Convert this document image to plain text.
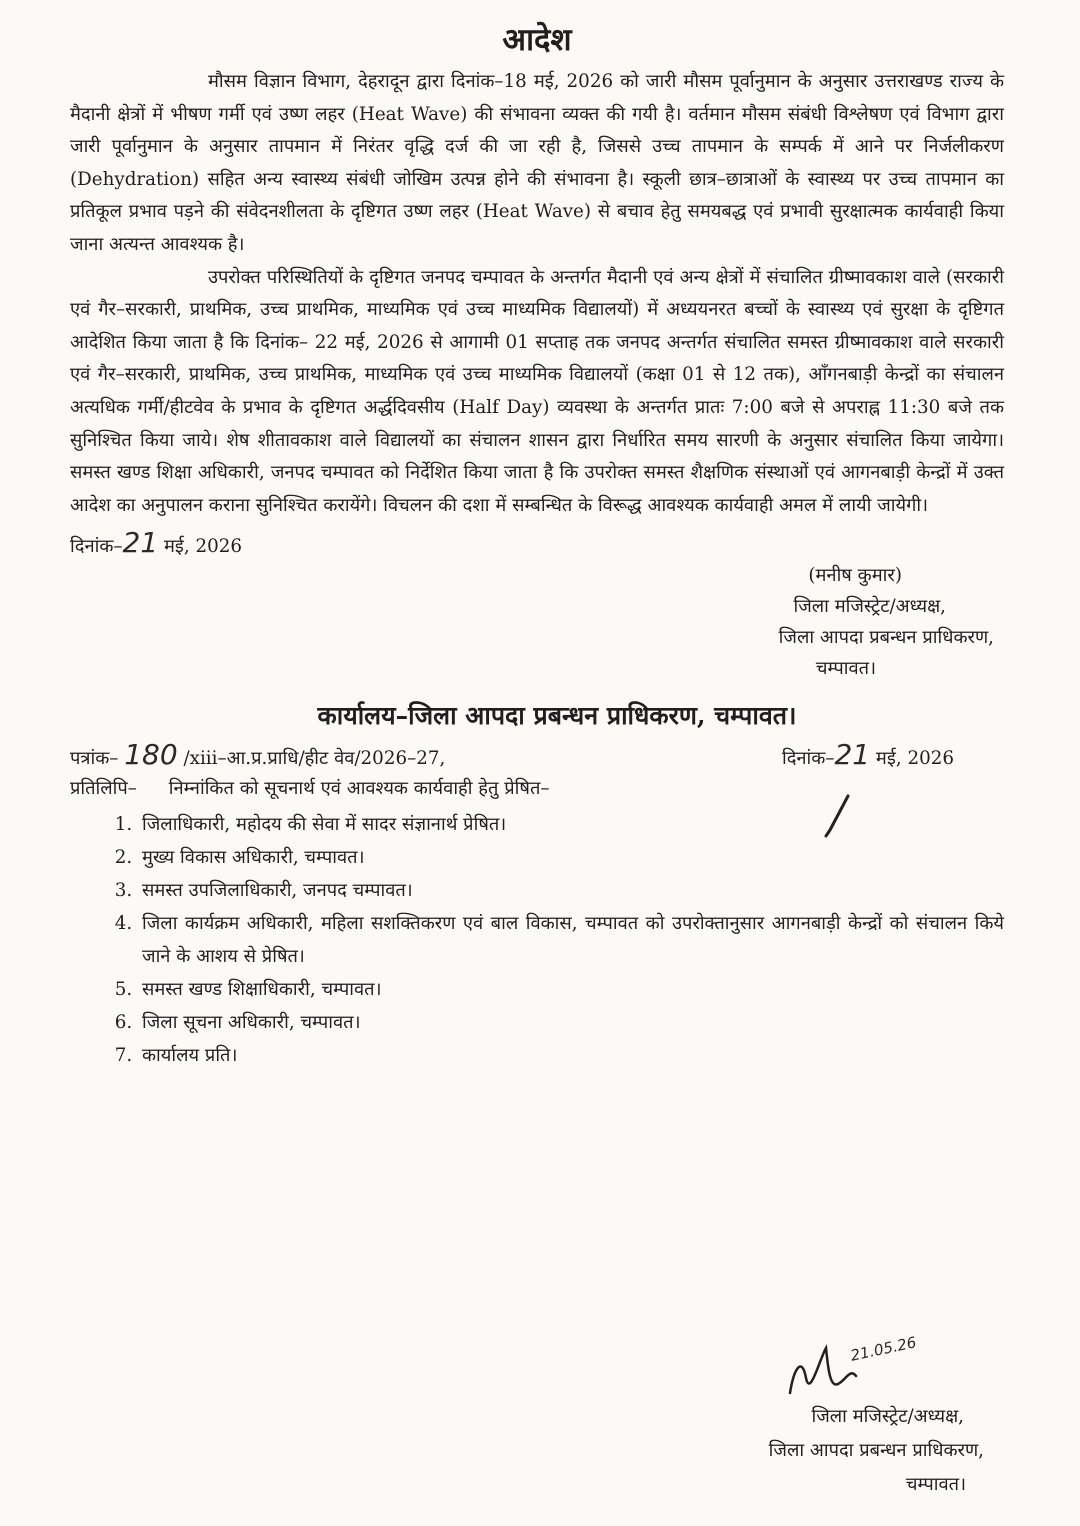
आदेश

मौसम विज्ञान विभाग, देहरादून द्वारा दिनांक–18 मई, 2026 को जारी मौसम पूर्वानुमान के अनुसार उत्तराखण्ड राज्य के मैदानी क्षेत्रों में भीषण गर्मी एवं उष्ण लहर (Heat Wave) की संभावना व्यक्त की गयी है। वर्तमान मौसम संबंधी विश्लेषण एवं विभाग द्वारा जारी पूर्वानुमान के अनुसार तापमान में निरंतर वृद्धि दर्ज की जा रही है, जिससे उच्च तापमान के सम्पर्क में आने पर निर्जलीकरण (Dehydration) सहित अन्य स्वास्थ्य संबंधी जोखिम उत्पन्न होने की संभावना है। स्कूली छात्र–छात्राओं के स्वास्थ्य पर उच्च तापमान का प्रतिकूल प्रभाव पड़ने की संवेदनशीलता के दृष्टिगत उष्ण लहर (Heat Wave) से बचाव हेतु समयबद्ध एवं प्रभावी सुरक्षात्मक कार्यवाही किया जाना अत्यन्त आवश्यक है।

उपरोक्त परिस्थितियों के दृष्टिगत जनपद चम्पावत के अन्तर्गत मैदानी एवं अन्य क्षेत्रों में संचालित ग्रीष्मावकाश वाले (सरकारी एवं गैर–सरकारी, प्राथमिक, उच्च प्राथमिक, माध्यमिक एवं उच्च माध्यमिक विद्यालयों) में अध्ययनरत बच्चों के स्वास्थ्य एवं सुरक्षा के दृष्टिगत आदेशित किया जाता है कि दिनांक– 22 मई, 2026 से आगामी 01 सप्ताह तक जनपद अन्तर्गत संचालित समस्त ग्रीष्मावकाश वाले सरकारी एवं गैर–सरकारी, प्राथमिक, उच्च प्राथमिक, माध्यमिक एवं उच्च माध्यमिक विद्यालयों (कक्षा 01 से 12 तक), आँगनबाड़ी केन्द्रों का संचालन अत्यधिक गर्मी/हीटवेव के प्रभाव के दृष्टिगत अर्द्धदिवसीय (Half Day) व्यवस्था के अन्तर्गत प्रातः 7:00 बजे से अपराह्न 11:30 बजे तक सुनिश्चित किया जाये। शेष शीतावकाश वाले विद्यालयों का संचालन शासन द्वारा निर्धारित समय सारणी के अनुसार संचालित किया जायेगा। समस्त खण्ड शिक्षा अधिकारी, जनपद चम्पावत को निर्देशित किया जाता है कि उपरोक्त समस्त शैक्षणिक संस्थाओं एवं आगनबाड़ी केन्द्रों में उक्त आदेश का अनुपालन कराना सुनिश्चित करायेंगे। विचलन की दशा में सम्बन्धित के विरूद्ध आवश्यक कार्यवाही अमल में लायी जायेगी।

दिनांक–21 मई, 2026
(मनीष कुमार)
जिला मजिस्ट्रेट/अध्यक्ष,
जिला आपदा प्रबन्धन प्राधिकरण,
चम्पावत।
कार्यालय–जिला आपदा प्रबन्धन प्राधिकरण, चम्पावत।
पत्रांक– 180 /xiii–आ.प्र.प्राधि/हीट वेव/2026–27,	दिनांक–21 मई, 2026
प्रतिलिपि– निम्नांकित को सूचनार्थ एवं आवश्यक कार्यवाही हेतु प्रेषित–
1. जिलाधिकारी, महोदय की सेवा में सादर संज्ञानार्थ प्रेषित।
2. मुख्य विकास अधिकारी, चम्पावत।
3. समस्त उपजिलाधिकारी, जनपद चम्पावत।
4. जिला कार्यक्रम अधिकारी, महिला सशक्तिकरण एवं बाल विकास, चम्पावत को उपरोक्तानुसार आगनबाड़ी केन्द्रों को संचालन किये जाने के आशय से प्रेषित।
5. समस्त खण्ड शिक्षाधिकारी, चम्पावत।
6. जिला सूचना अधिकारी, चम्पावत।
7. कार्यालय प्रति।
21.05.26
जिला मजिस्ट्रेट/अध्यक्ष,
जिला आपदा प्रबन्धन प्राधिकरण,
चम्पावत।
